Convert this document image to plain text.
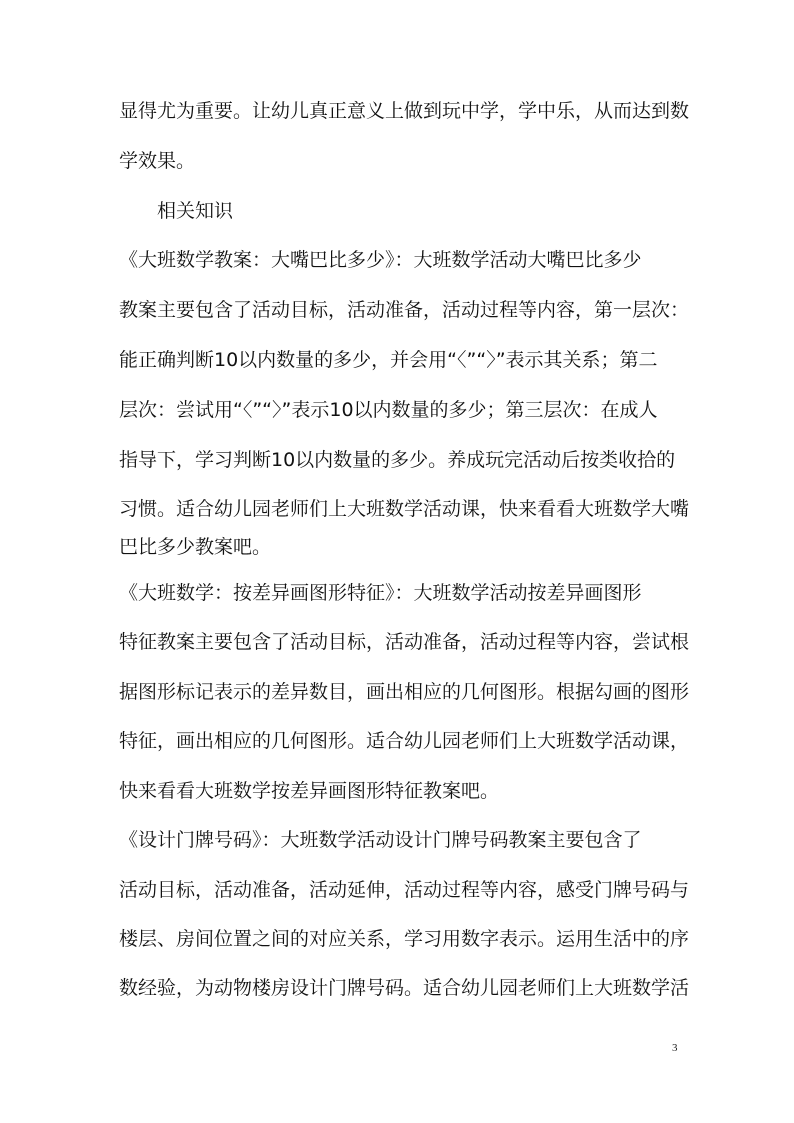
显得尤为重要。让幼儿真正意义上做到玩中学，学中乐，从而达到数
学效果。
相关知识
《大班数学教案：大嘴巴比多少》：大班数学活动大嘴巴比多少
教案主要包含了活动目标，活动准备，活动过程等内容，第一层次：
能正确判断10以内数量的多少，并会用“〈”“〉”表示其关系；第二
层次：尝试用“〈”“〉”表示10以内数量的多少；第三层次：在成人
指导下，学习判断10以内数量的多少。养成玩完活动后按类收拾的
习惯。适合幼儿园老师们上大班数学活动课，快来看看大班数学大嘴
巴比多少教案吧。
《大班数学：按差异画图形特征》：大班数学活动按差异画图形
特征教案主要包含了活动目标，活动准备，活动过程等内容，尝试根
据图形标记表示的差异数目，画出相应的几何图形。根据勾画的图形
特征，画出相应的几何图形。适合幼儿园老师们上大班数学活动课，
快来看看大班数学按差异画图形特征教案吧。
《设计门牌号码》：大班数学活动设计门牌号码教案主要包含了
活动目标，活动准备，活动延伸，活动过程等内容，感受门牌号码与
楼层、房间位置之间的对应关系，学习用数字表示。运用生活中的序
数经验，为动物楼房设计门牌号码。适合幼儿园老师们上大班数学活
3
